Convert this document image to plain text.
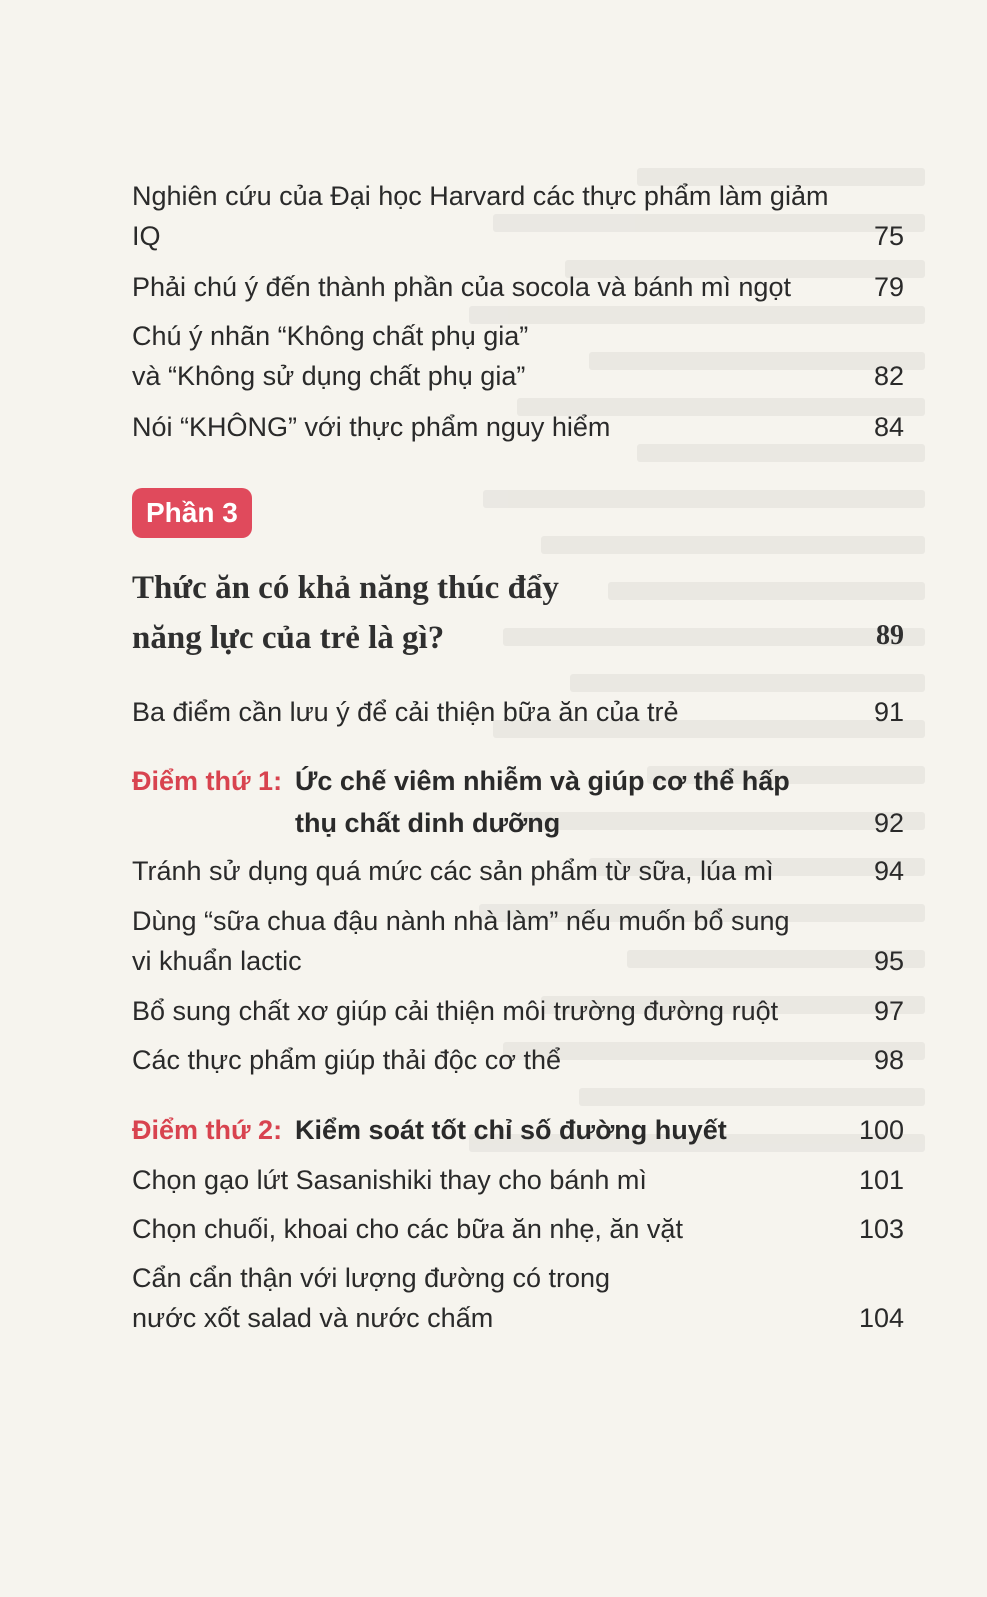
Nghiên cứu của Đại học Harvard các thực phẩm làm giảm IQ	75
Phải chú ý đến thành phần của socola và bánh mì ngọt	79
Chú ý nhãn “Không chất phụ gia” và “Không sử dụng chất phụ gia”	82
Nói “KHÔNG” với thực phẩm nguy hiểm	84
Phần 3
Thức ăn có khả năng thúc đẩy năng lực của trẻ là gì?	89
Ba điểm cần lưu ý để cải thiện bữa ăn của trẻ	91
Điểm thứ 1: Ức chế viêm nhiễm và giúp cơ thể hấp thụ chất dinh dưỡng	92
Tránh sử dụng quá mức các sản phẩm từ sữa, lúa mì	94
Dùng “sữa chua đậu nành nhà làm” nếu muốn bổ sung vi khuẩn lactic	95
Bổ sung chất xơ giúp cải thiện môi trường đường ruột	97
Các thực phẩm giúp thải độc cơ thể	98
Điểm thứ 2: Kiểm soát tốt chỉ số đường huyết	100
Chọn gạo lứt Sasanishiki thay cho bánh mì	101
Chọn chuối, khoai cho các bữa ăn nhẹ, ăn vặt	103
Cẩn cẩn thận với lượng đường có trong nước xốt salad và nước chấm	104
